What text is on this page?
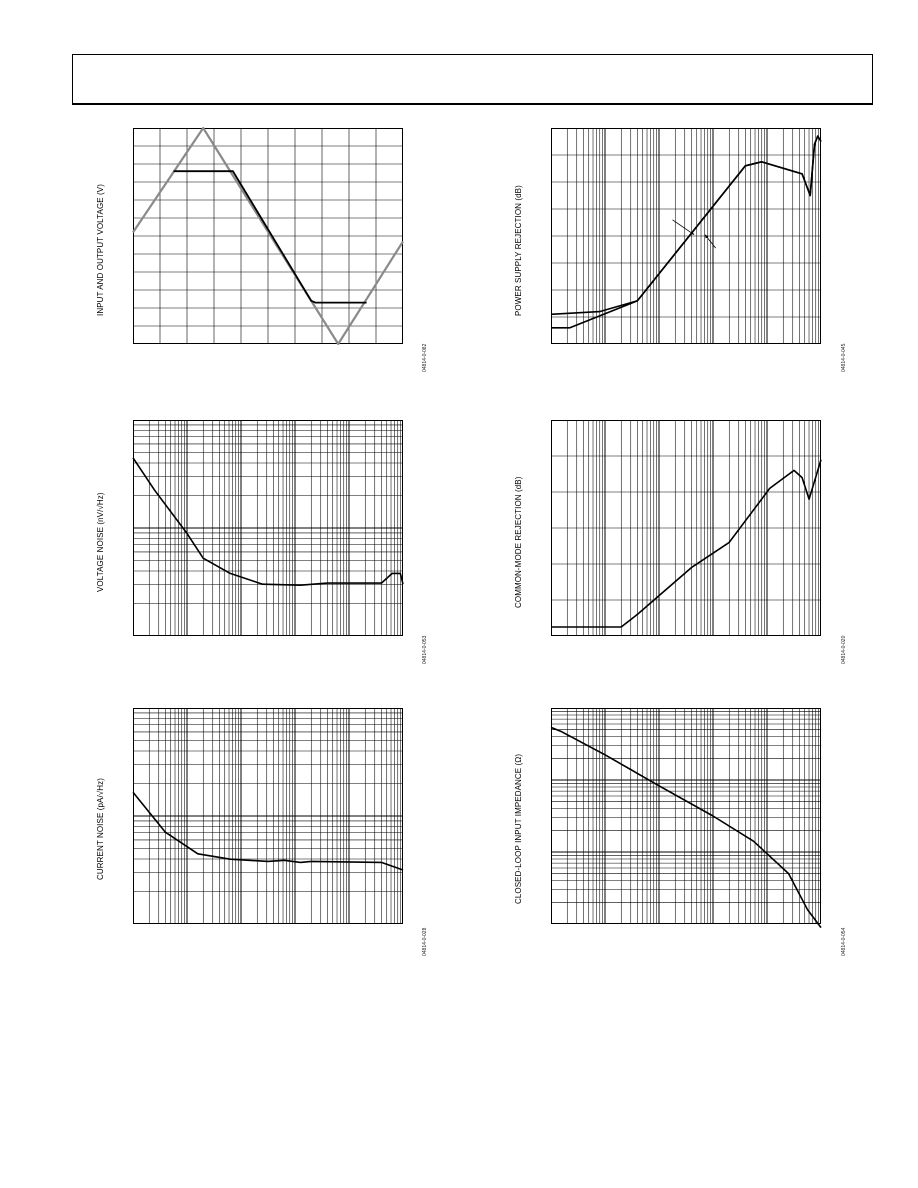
INPUT AND OUTPUT VOLTAGE (V)
04814-0-082
POWER SUPPLY REJECTION (dB)
04814-0-045
VOLTAGE NOISE (nV/√Hz)
04814-0-053
COMMON-MODE REJECTION (dB)
04814-0-020
CURRENT NOISE (pA/√Hz)
04814-0-028
CLOSED-LOOP INPUT IMPEDANCE (Ω)
04814-0-054
